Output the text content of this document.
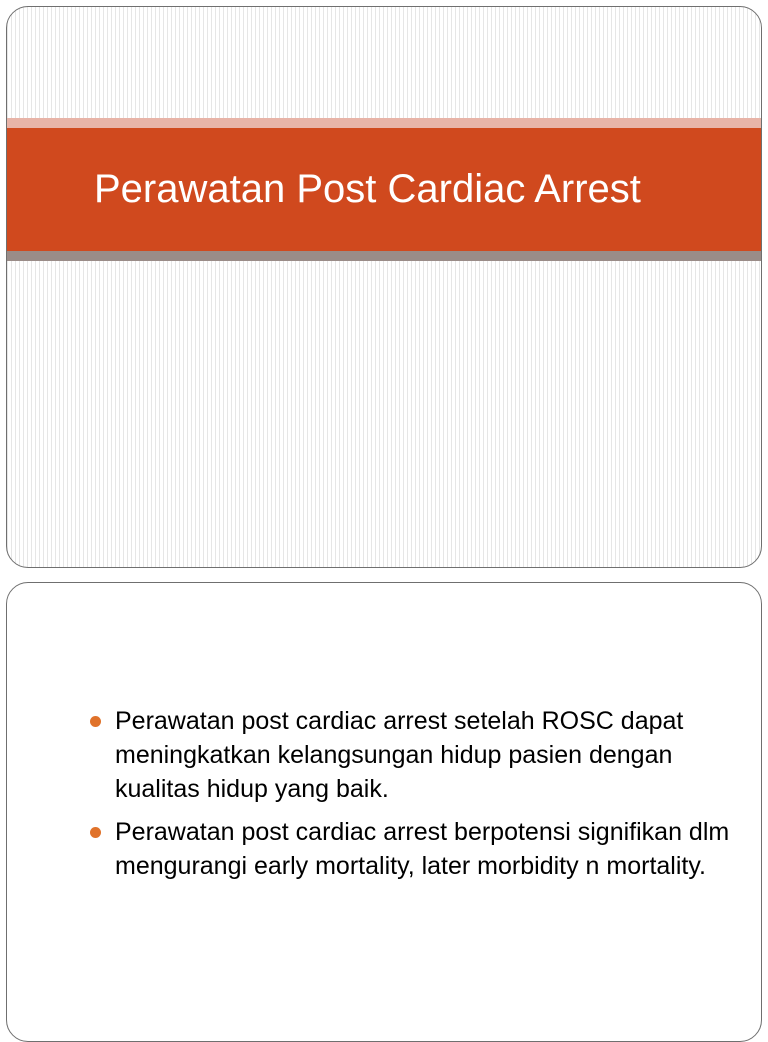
Perawatan Post Cardiac Arrest
Perawatan post cardiac arrest setelah ROSC dapat meningkatkan kelangsungan hidup pasien dengan kualitas hidup yang baik.
Perawatan post cardiac arrest berpotensi signifikan dlm mengurangi early mortality, later morbidity n mortality.
